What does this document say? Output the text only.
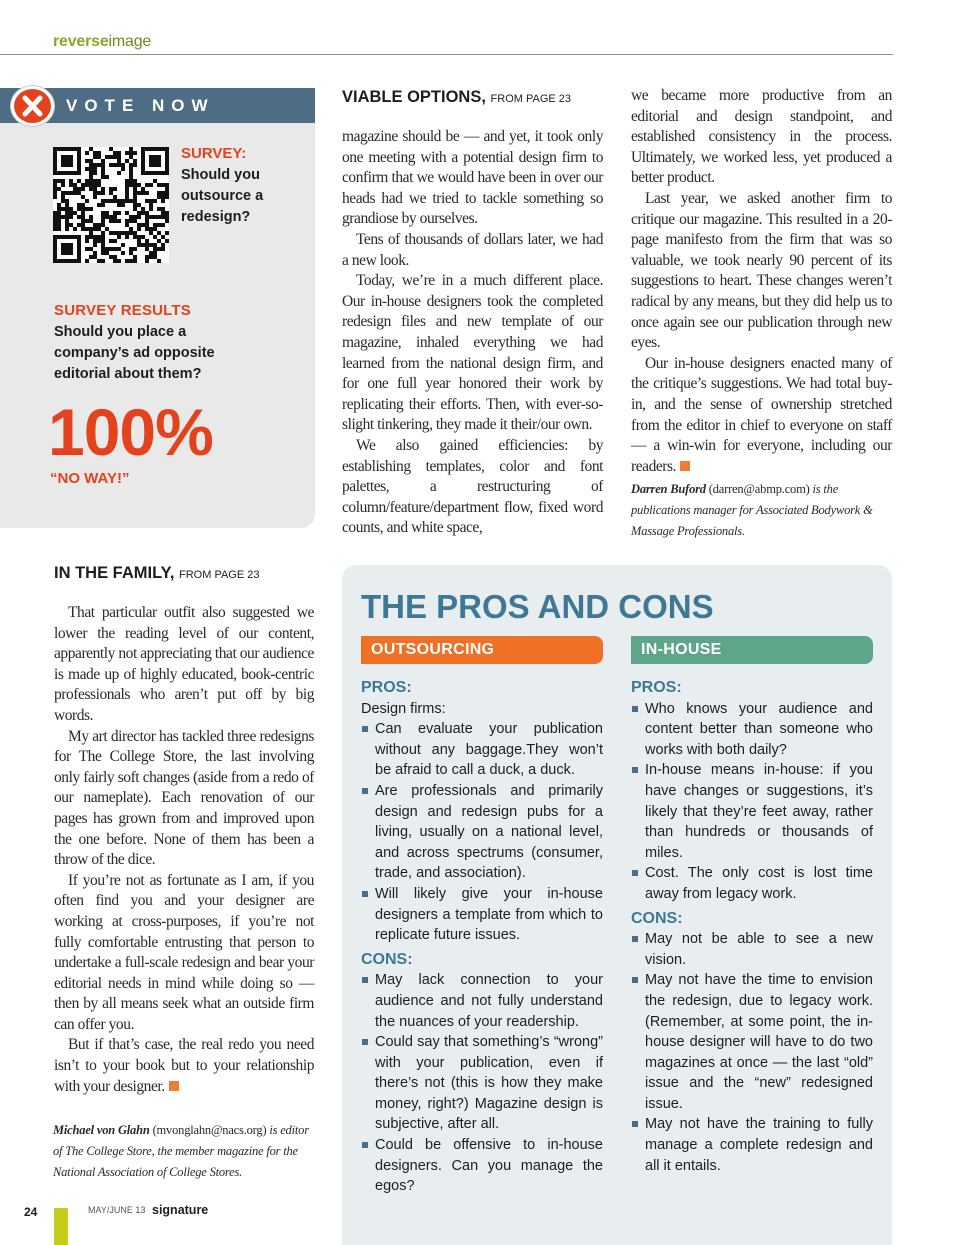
reverseimage
VOTE NOW
SURVEY:
Should you outsource a redesign?
SURVEY RESULTS
Should you place a company’s ad opposite editorial about them?
100%
“NO WAY!”
VIABLE OPTIONS, FROM PAGE 23

magazine should be — and yet, it took only one meeting with a potential design firm to confirm that we would have been in over our heads had we tried to tackle something so grandiose by ourselves.

Tens of thousands of dollars later, we had a new look.

Today, we’re in a much different place. Our in-house designers took the completed redesign files and new template of our magazine, inhaled everything we had learned from the national design firm, and for one full year honored their work by replicating their efforts. Then, with ever-so-slight tinkering, they made it their/our own.

We also gained efficiencies: by establishing templates, color and font palettes, a restructuring of column/feature/department flow, fixed word counts, and white space,

we became more productive from an editorial and design standpoint, and established consistency in the process. Ultimately, we worked less, yet produced a better product.

Last year, we asked another firm to critique our magazine. This resulted in a 20-page manifesto from the firm that was so valuable, we took nearly 90 percent of its suggestions to heart. These changes weren’t radical by any means, but they did help us to once again see our publication through new eyes.

Our in-house designers enacted many of the critique’s suggestions. We had total buy-in, and the sense of ownership stretched from the editor in chief to everyone on staff — a win-win for everyone, including our readers.

Darren Buford (darren@abmp.com) is the publications manager for Associated Bodywork & Massage Professionals.
IN THE FAMILY, FROM PAGE 23

That particular outfit also suggested we lower the reading level of our content, apparently not appreciating that our audience is made up of highly educated, book-centric professionals who aren’t put off by big words.

My art director has tackled three redesigns for The College Store, the last involving only fairly soft changes (aside from a redo of our nameplate). Each renovation of our pages has grown from and improved upon the one before. None of them has been a throw of the dice.

If you’re not as fortunate as I am, if you often find you and your designer are working at cross-purposes, if you’re not fully comfortable entrusting that person to undertake a full-scale redesign and bear your editorial needs in mind while doing so — then by all means seek what an outside firm can offer you.

But if that’s case, the real redo you need isn’t to your book but to your relationship with your designer.

Michael von Glahn (mvonglahn@nacs.org) is editor of The College Store, the member magazine for the National Association of College Stores.
THE PROS AND CONS
OUTSOURCING	IN-HOUSE
PROS:
Design firms:
Can evaluate your publication without any baggage.They won’t be afraid to call a duck, a duck.
Are professionals and primarily design and redesign pubs for a living, usually on a national level, and across spectrums (consumer, trade, and association).
Will likely give your in-house designers a template from which to replicate future issues.
CONS:
May lack connection to your audience and not fully understand the nuances of your readership.
Could say that something’s “wrong” with your publication, even if there’s not (this is how they make money, right?) Magazine design is subjective, after all.
Could be offensive to in-house designers. Can you manage the egos?
PROS:
Who knows your audience and content better than someone who works with both daily?
In-house means in-house: if you have changes or suggestions, it’s likely that they’re feet away, rather than hundreds or thousands of miles.
Cost. The only cost is lost time away from legacy work.
CONS:
May not be able to see a new vision.
May not have the time to envision the redesign, due to legacy work. (Remember, at some point, the in-house designer will have to do two magazines at once — the last “old” issue and the “new” redesigned issue.
May not have the training to fully manage a complete redesign and all it entails.
24	MAY/JUNE 13 signature
